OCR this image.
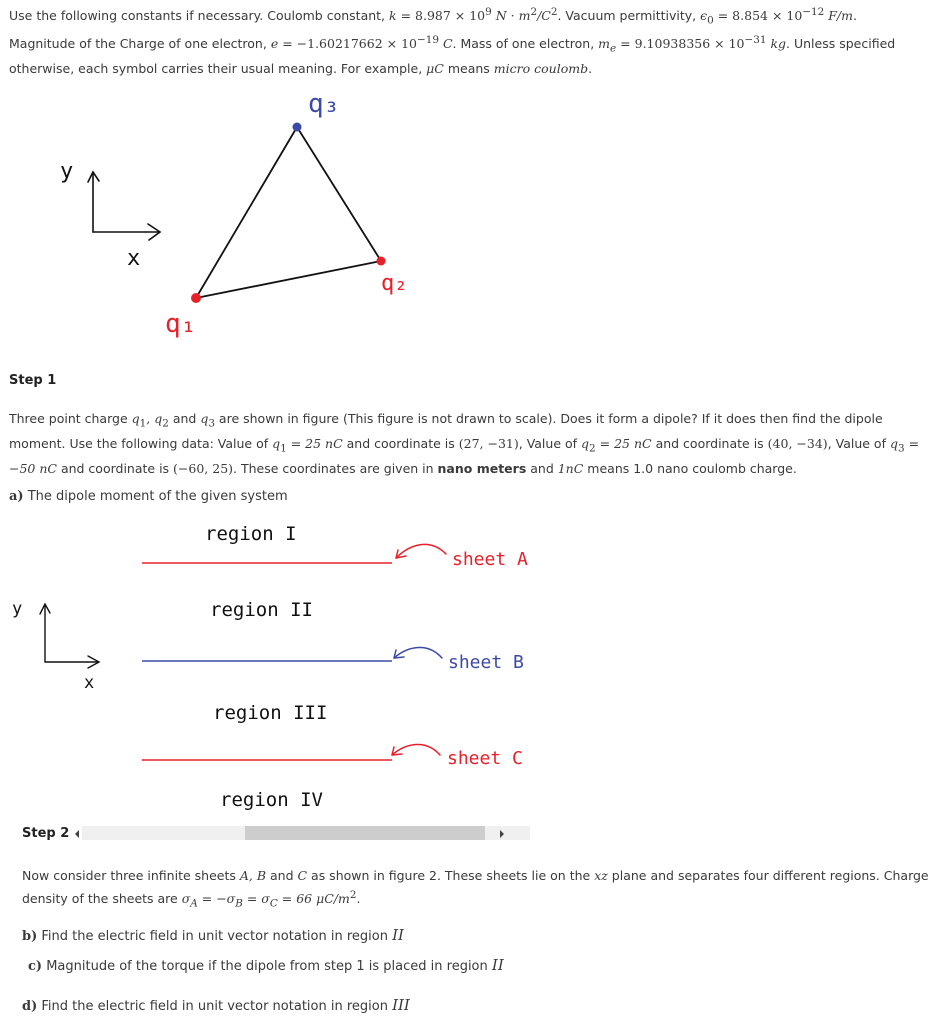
Use the following constants if necessary. Coulomb constant, $k = 8.987 \times 10^9$ $N \cdot m^2/C^2$. Vacuum permittivity, $\epsilon_0 = 8.854 \times 10^{-12}$ F/m. Magnitude of the Charge of one electron, $e = -1.60217662 \times 10^{-19}$ C. Mass of one electron, $m_e = 9.10938356 \times 10^{-31}$ kg. Unless specified otherwise, each symbol carries their usual meaning. For example, μC means micro coulomb.

y
x
q₁
q₂
q₃
Step 1

Three point charge $q_1$, $q_2$ and $q_3$ are shown in figure (This figure is not drawn to scale). Does it form a dipole? If it does then find the dipole moment. Use the following data: Value of $q_1 = 25$ nC and coordinate is (27, −31), Value of $q_2 = 25$ nC and coordinate is (40, −34), Value of $q_3 = -50$ nC and coordinate is (−60, 25). These coordinates are given in nano meters and 1nC means 1.0 nano coulomb charge.

a) The dipole moment of the given system
region I
region II
region III
region IV
sheet A
sheet B
sheet C
y
x
Step 2

Now consider three infinite sheets A, B and C as shown in figure 2. These sheets lie on the xz plane and separates four different regions. Charge density of the sheets are $\sigma_A = -\sigma_B = \sigma_C = 66$ $\mu C/m^2$.

b) Find the electric field in unit vector notation in region II
c) Magnitude of the torque if the dipole from step 1 is placed in region II
d) Find the electric field in unit vector notation in region III
